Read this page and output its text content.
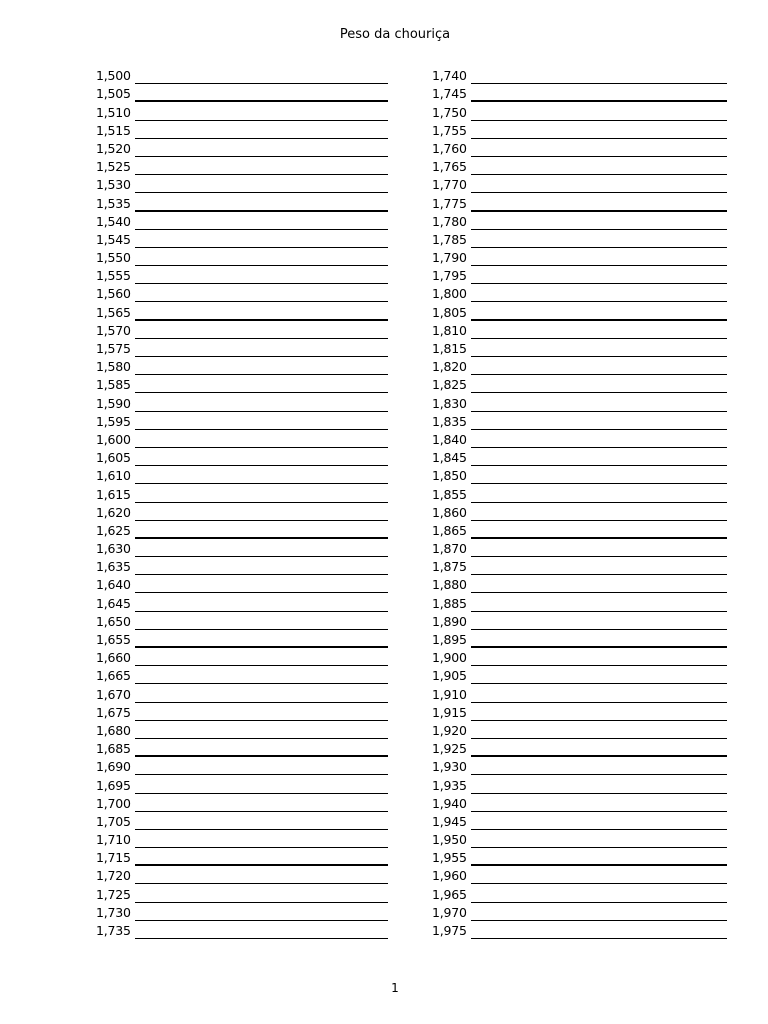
Peso da chouriça
1,500
1,505
1,510
1,515
1,520
1,525
1,530
1,535
1,540
1,545
1,550
1,555
1,560
1,565
1,570
1,575
1,580
1,585
1,590
1,595
1,600
1,605
1,610
1,615
1,620
1,625
1,630
1,635
1,640
1,645
1,650
1,655
1,660
1,665
1,670
1,675
1,680
1,685
1,690
1,695
1,700
1,705
1,710
1,715
1,720
1,725
1,730
1,735
1,740
1,745
1,750
1,755
1,760
1,765
1,770
1,775
1,780
1,785
1,790
1,795
1,800
1,805
1,810
1,815
1,820
1,825
1,830
1,835
1,840
1,845
1,850
1,855
1,860
1,865
1,870
1,875
1,880
1,885
1,890
1,895
1,900
1,905
1,910
1,915
1,920
1,925
1,930
1,935
1,940
1,945
1,950
1,955
1,960
1,965
1,970
1,975
1
